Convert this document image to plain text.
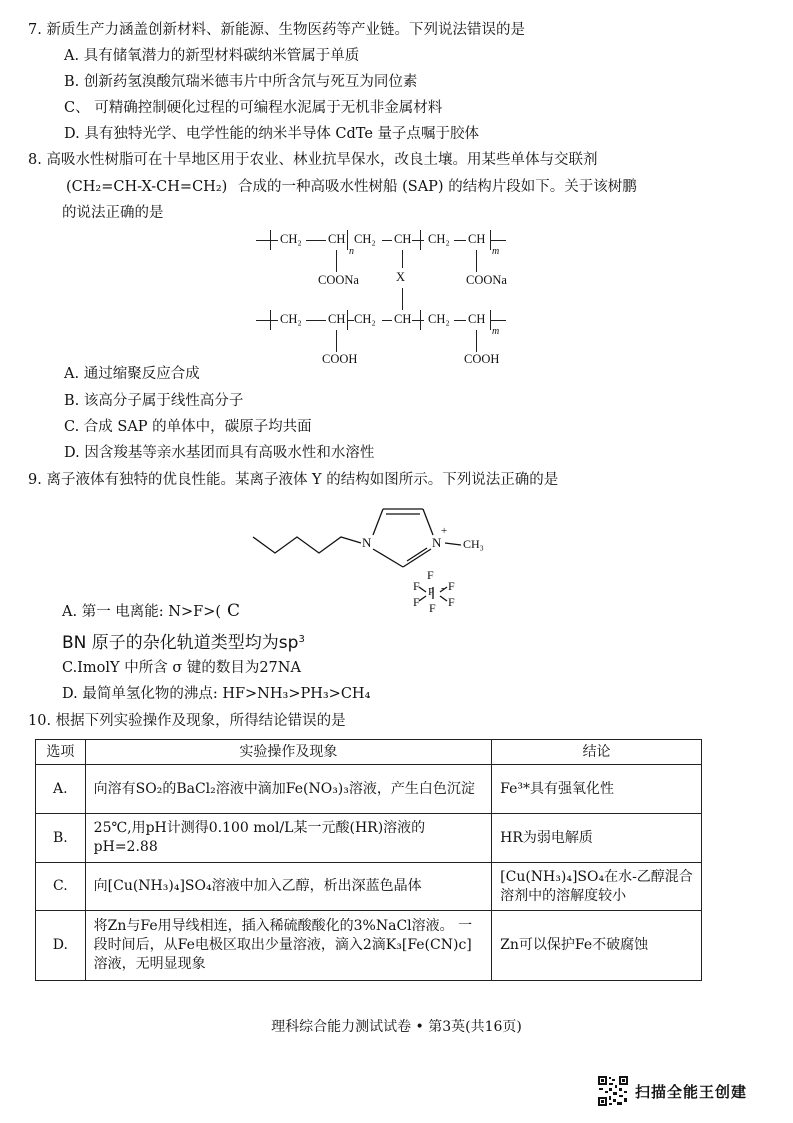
7. 新质生产力涵盖创新材料、新能源、生物医药等产业链。下列说法错误的是
A. 具有储氧潜力的新型材料碳纳米管属于单质
B. 创新药氢溴酸氘瑞米德韦片中所含氘与死互为同位素
C、 可精确控制硬化过程的可编程水泥属于无机非金属材料
D. 具有独特光学、电学性能的纳米半导体 CdTe 量子点嘱于胶体
8. 高吸水性树脂可在十旱地区用于农业、林业抗旱保水，改良土壤。用某些单体与交联剂
(CH₂=CH-X-CH=CH₂) 合成的一种高吸水性树船 (SAP) 的结构片段如下。关于该树鹏
的说法正确的是
CH₂ CH
n
CH₂ CH CH₂ CH
m
COONa	X	COONa
CH₂ CH CH₂ CH CH₂ CH
m
COOH	COOH
A. 通过缩聚反应合成
B. 该高分子属于线性高分子
C. 合成 SAP 的单体中，碳原子均共面
D. 因含羧基等亲水基团而具有高吸水性和水溶性
9. 离子液体有独特的优良性能。某离子液体 Y 的结构如图所示。下列说法正确的是
N	N
+
CH₃
F
F F
P -
F F
F
A. 第一 电离能: N>F>( C
BN 原子的杂化轨道类型均为$sp^3$
C.ImolY 中所含 σ 键的数目为27NA
D. 最简单氢化物的沸点: HF>NH₃>PH₃>CH₄
10. 根据下列实验操作及现象，所得结论错误的是
选项	实验操作及现象	结论
A.	向溶有SO₂的BaCl₂溶液中滴加Fe(NO₃)₃溶液，产生白色沉淀	Fe³*具有强氧化性
B.	25℃,用pH计测得0.100 mol/L某一元酸(HR)溶液的pH=2.88	HR为弱电解质
C.	向[Cu(NH₃)₄]SO₄溶液中加入乙醇，析出深蓝色晶体	[Cu(NH₃)₄]SO₄在水-乙醇混合溶剂中的溶解度较小
D.	将Zn与Fe用导线相连，插入稀硫酸酸化的3%NaCl溶液。 一段时间后，从Fe电极区取出少量溶液，滴入2滴K₃[Fe(CN)c]溶液，无明显现象	Zn可以保护Fe不破腐蚀
理科综合能力测试试卷 • 第3英(共16页)
扫描全能王创建
